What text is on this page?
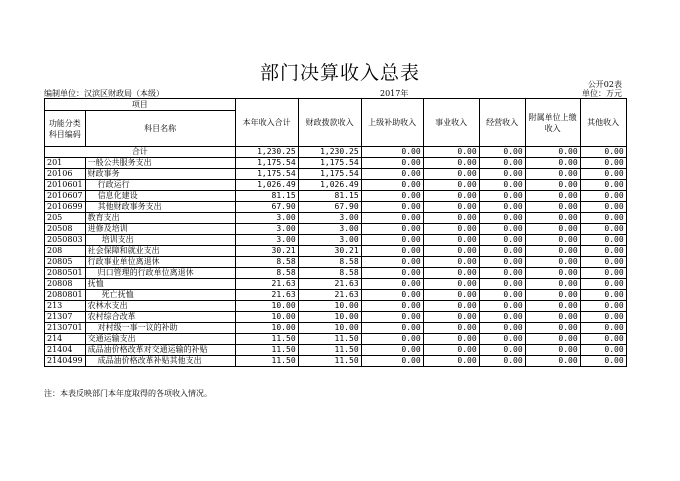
部门决算收入总表
公开02表
编制单位：汉滨区财政局（本级）	2017年	单位：万元
项目		本年收入合计	财政拨款收入	上级补助收入	事业收入	经营收入	附属单位上缴收入	其他收入
功能分类科目编码	科目名称							
合计		1,230.25	1,230.25	0.00	0.00	0.00	0.00	0.00
201	一般公共服务支出	1,175.54	1,175.54	0.00	0.00	0.00	0.00	0.00
20106	财政事务	1,175.54	1,175.54	0.00	0.00	0.00	0.00	0.00
2010601	行政运行	1,026.49	1,026.49	0.00	0.00	0.00	0.00	0.00
2010607	信息化建设	81.15	81.15	0.00	0.00	0.00	0.00	0.00
2010699	其他财政事务支出	67.90	67.90	0.00	0.00	0.00	0.00	0.00
205	教育支出	3.00	3.00	0.00	0.00	0.00	0.00	0.00
20508	进修及培训	3.00	3.00	0.00	0.00	0.00	0.00	0.00
2050803	培训支出	3.00	3.00	0.00	0.00	0.00	0.00	0.00
208	社会保障和就业支出	30.21	30.21	0.00	0.00	0.00	0.00	0.00
20805	行政事业单位离退休	8.58	8.58	0.00	0.00	0.00	0.00	0.00
2080501	归口管理的行政单位离退休	8.58	8.58	0.00	0.00	0.00	0.00	0.00
20808	抚恤	21.63	21.63	0.00	0.00	0.00	0.00	0.00
2080801	死亡抚恤	21.63	21.63	0.00	0.00	0.00	0.00	0.00
213	农林水支出	10.00	10.00	0.00	0.00	0.00	0.00	0.00
21307	农村综合改革	10.00	10.00	0.00	0.00	0.00	0.00	0.00
2130701	对村级一事一议的补助	10.00	10.00	0.00	0.00	0.00	0.00	0.00
214	交通运输支出	11.50	11.50	0.00	0.00	0.00	0.00	0.00
21404	成品油价格改革对交通运输的补贴	11.50	11.50	0.00	0.00	0.00	0.00	0.00
2140499	成品油价格改革补贴其他支出	11.50	11.50	0.00	0.00	0.00	0.00	0.00
注：本表反映部门本年度取得的各项收入情况。
